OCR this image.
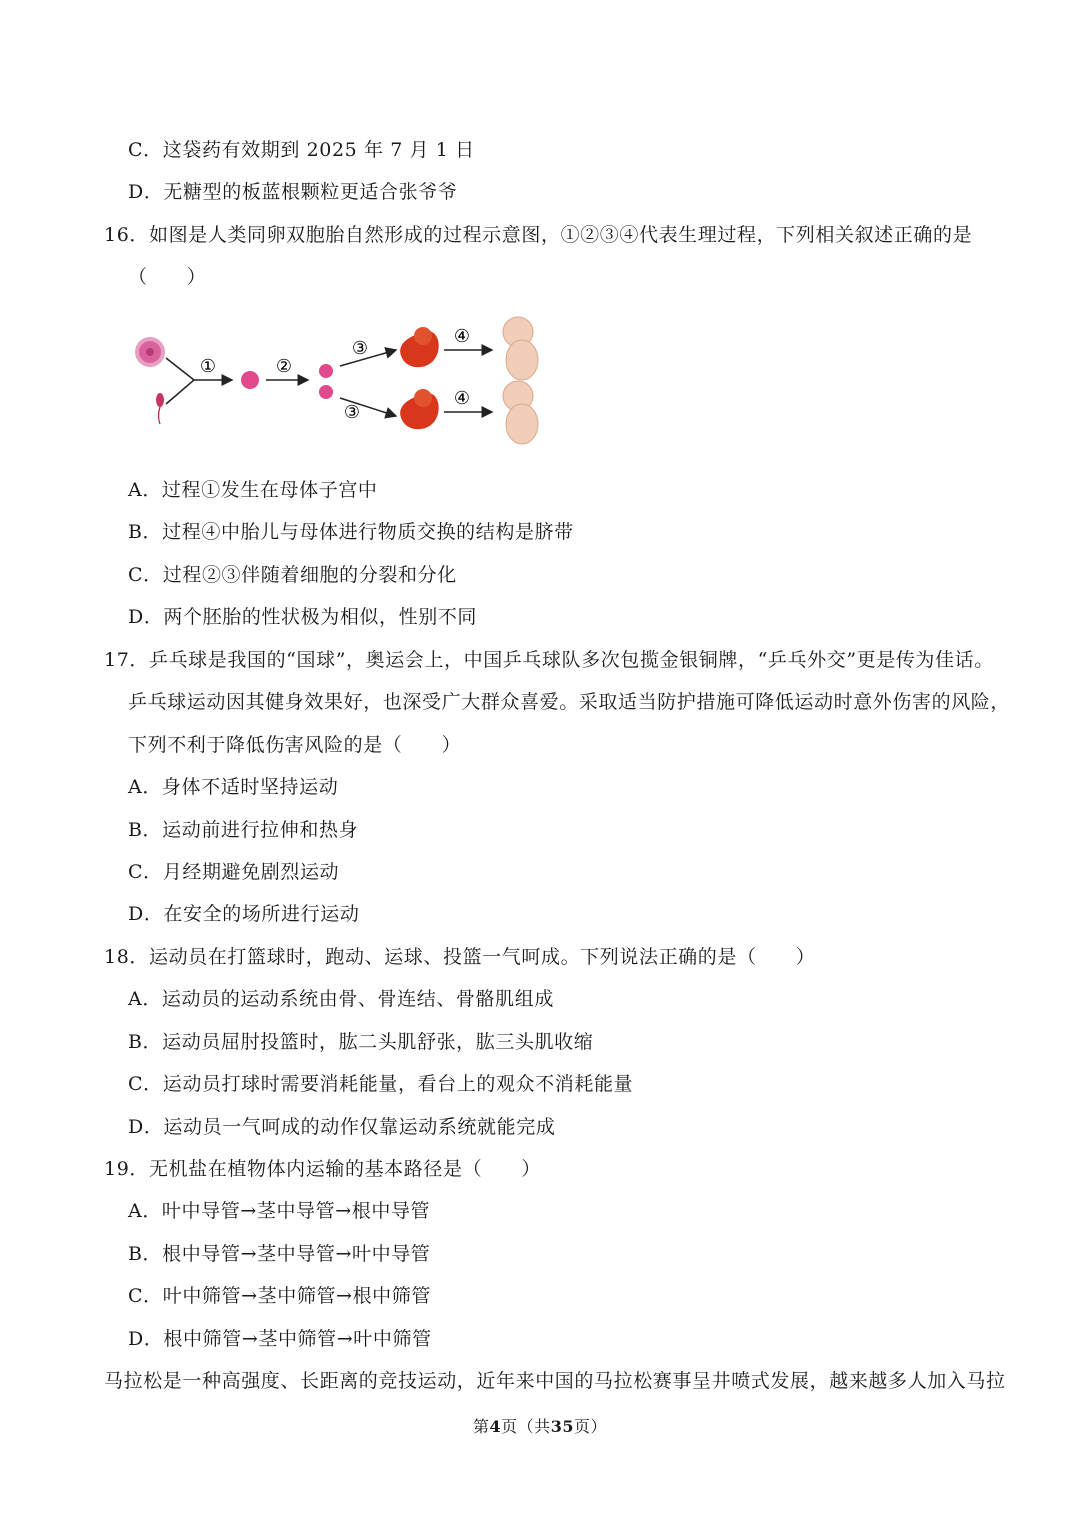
C．这袋药有效期到 2025 年 7 月 1 日
D．无糖型的板蓝根颗粒更适合张爷爷
16．如图是人类同卵双胞胎自然形成的过程示意图，①②③④代表生理过程，下列相关叙述正确的是
（　　）
①	②
③
③
④
④
A．过程①发生在母体子宫中
B．过程④中胎儿与母体进行物质交换的结构是脐带
C．过程②③伴随着细胞的分裂和分化
D．两个胚胎的性状极为相似，性别不同
17．乒乓球是我国的“国球”，奥运会上，中国乒乓球队多次包揽金银铜牌，“乒乓外交”更是传为佳话。
乒乓球运动因其健身效果好，也深受广大群众喜爱。采取适当防护措施可降低运动时意外伤害的风险，
下列不利于降低伤害风险的是（　　）
A．身体不适时坚持运动
B．运动前进行拉伸和热身
C．月经期避免剧烈运动
D．在安全的场所进行运动
18．运动员在打篮球时，跑动、运球、投篮一气呵成。下列说法正确的是（　　）
A．运动员的运动系统由骨、骨连结、骨骼肌组成
B．运动员屈肘投篮时，肱二头肌舒张，肱三头肌收缩
C．运动员打球时需要消耗能量，看台上的观众不消耗能量
D．运动员一气呵成的动作仅靠运动系统就能完成
19．无机盐在植物体内运输的基本路径是（　　）
A．叶中导管→茎中导管→根中导管
B．根中导管→茎中导管→叶中导管
C．叶中筛管→茎中筛管→根中筛管
D．根中筛管→茎中筛管→叶中筛管
马拉松是一种高强度、长距离的竞技运动，近年来中国的马拉松赛事呈井喷式发展，越来越多人加入马拉
第4页（共35页）
